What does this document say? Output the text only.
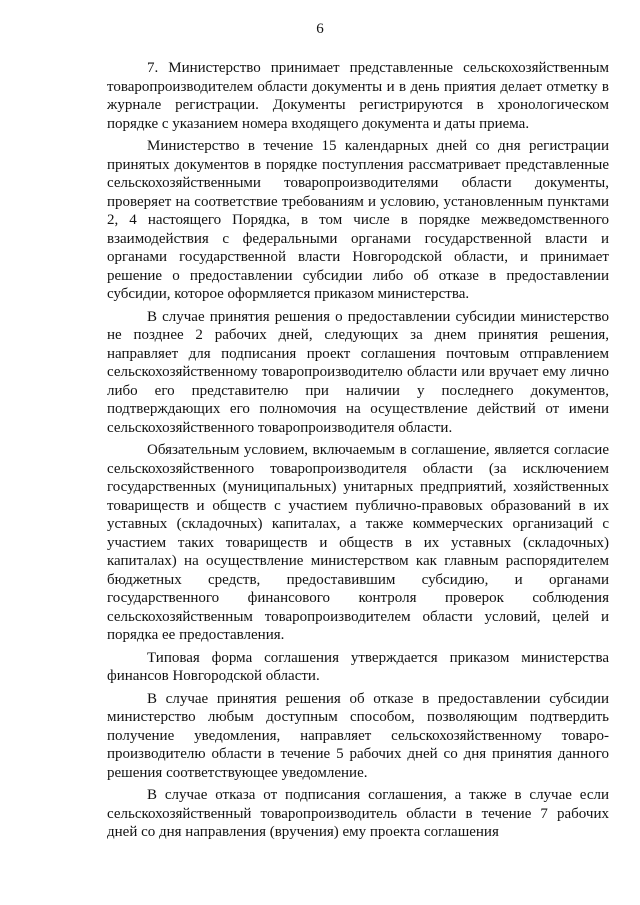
6

7. Министерство принимает представленные сельскохозяйственным товаропроизводителем области документы и в день приятия делает отметку в журнале регистрации. Документы регистрируются в хронологическом порядке с указанием номера входящего документа и даты приема.

Министерство в течение 15 календарных дней со дня регистрации принятых документов в порядке поступления рассматривает представленные сельскохозяйственными товаропроизводителями области документы, проверяет на соответствие требованиям и условию, установленным пунктами 2, 4 настоящего Порядка, в том числе в порядке межведомственного взаимодействия с федеральными органами государственной власти и органами государственной власти Новгородской области, и принимает решение о предоставлении субсидии либо об отказе в предоставлении субсидии, которое оформляется приказом министерства.

В случае принятия решения о предоставлении субсидии министерство не позднее 2 рабочих дней, следующих за днем принятия решения, направляет для подписания проект соглашения почтовым отправлением сельскохозяйственному товаропроизводителю области или вручает ему лично либо его представителю при наличии у последнего документов, подтверждающих его полномочия на осуществление действий от имени сельскохозяйственного товаропроизводителя области.

Обязательным условием, включаемым в соглашение, является согласие сельскохозяйственного товаропроизводителя области (за исключением государственных (муниципальных) унитарных предприятий, хозяйственных товариществ и обществ с участием публично-правовых образований в их уставных (складочных) капиталах, а также коммерческих организаций с участием таких товариществ и обществ в их уставных (складочных) капиталах) на осуществление министерством как главным распорядителем бюджетных средств, предоставившим субсидию, и органами государственного финансового контроля проверок соблюдения сельскохозяйственным товаропроизводителем области условий, целей и порядка ее предоставления.

Типовая форма соглашения утверждается приказом министерства финансов Новгородской области.

В случае принятия решения об отказе в предоставлении субсидии министерство любым доступным способом, позволяющим подтвердить получение уведомления, направляет сельскохозяйственному товаро-производителю области в течение 5 рабочих дней со дня принятия данного решения соответствующее уведомление.

В случае отказа от подписания соглашения, а также в случае если сельскохозяйственный товаропроизводитель области в течение 7 рабочих дней со дня направления (вручения) ему проекта соглашения
